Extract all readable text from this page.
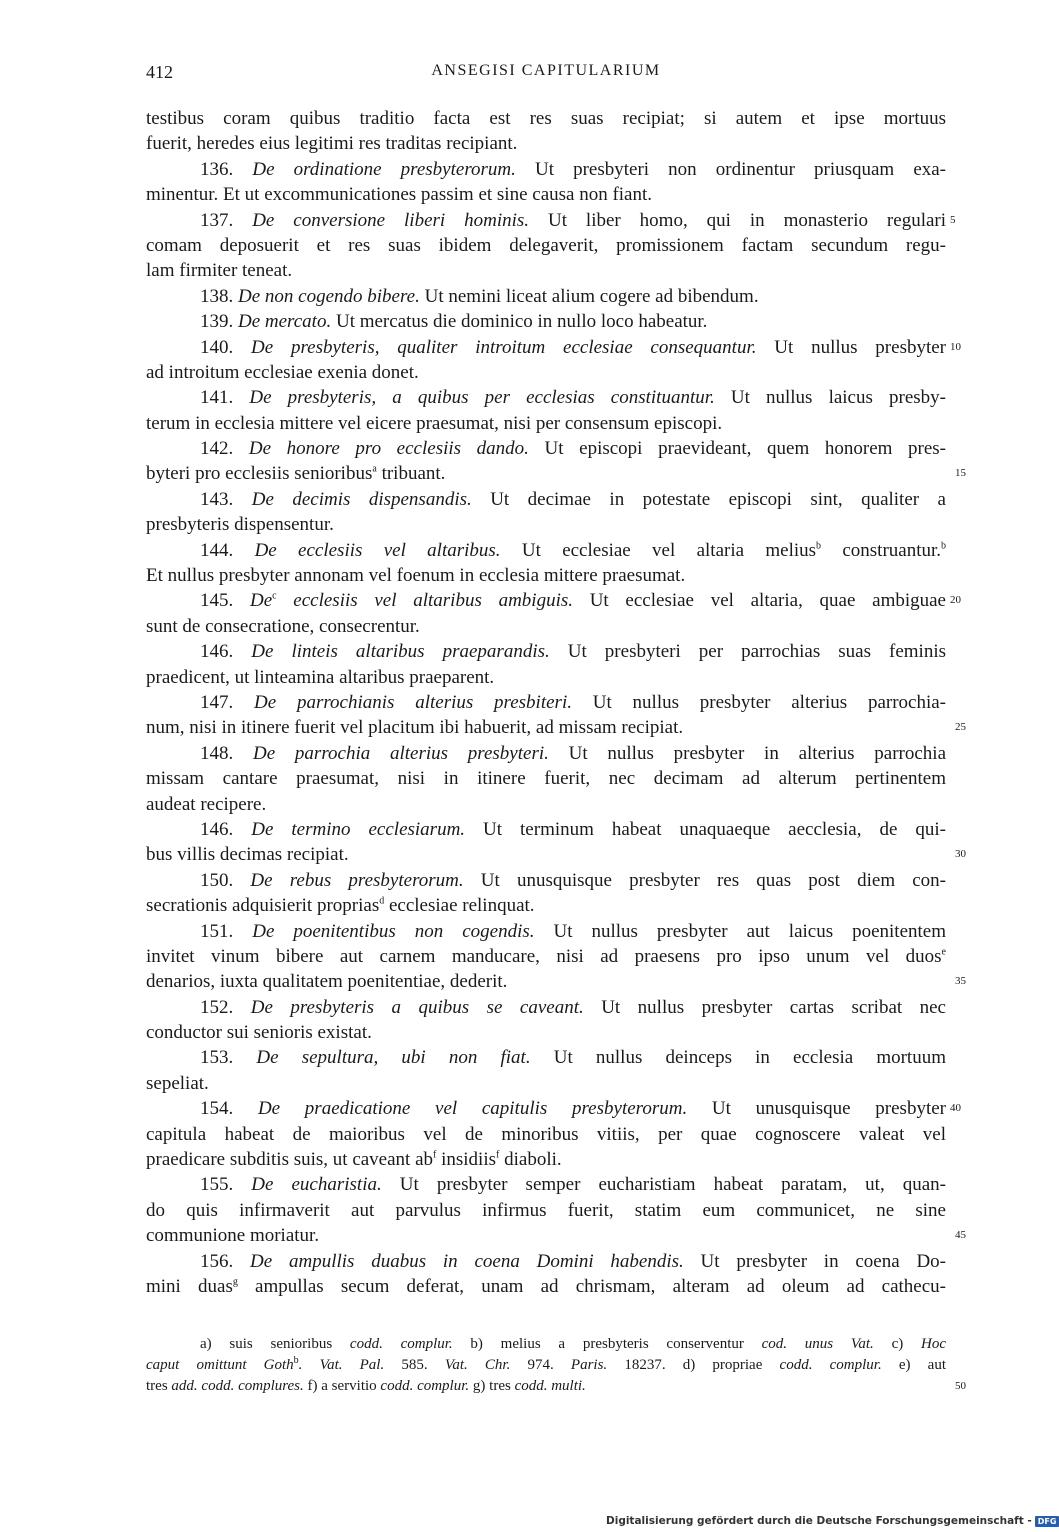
412	ANSEGISI CAPITULARIUM
testibus coram quibus traditio facta est res suas recipiat; si autem et ipse mortuus
fuerit, heredes eius legitimi res traditas recipiant.
136. De ordinatione presbyterorum. Ut presbyteri non ordinentur priusquam exa-
minentur. Et ut excommunicationes passim et sine causa non fiant.
137. De conversione liberi hominis. Ut liber homo, qui in monasterio regulari 5
comam deposuerit et res suas ibidem delegaverit, promissionem factam secundum regu-
lam firmiter teneat.
138. De non cogendo bibere. Ut nemini liceat alium cogere ad bibendum.
139. De mercato. Ut mercatus die dominico in nullo loco habeatur.
140. De presbyteris, qualiter introitum ecclesiae consequantur. Ut nullus presbyter 10
ad introitum ecclesiae exenia donet.
141. De presbyteris, a quibus per ecclesias constituantur. Ut nullus laicus presby-
terum in ecclesia mittere vel eicere praesumat, nisi per consensum episcopi.
142. De honore pro ecclesiis dando. Ut episcopi praevideant, quem honorem pres-
byteri pro ecclesiis senioribus$^a$ tribuant.	15
143. De decimis dispensandis. Ut decimae in potestate episcopi sint, qualiter a
presbyteris dispensentur.
144. De ecclesiis vel altaribus. Ut ecclesiae vel altaria melius$^b$ construantur.$^b$
Et nullus presbyter annonam vel foenum in ecclesia mittere praesumat.
145. De$^c$ ecclesiis vel altaribus ambiguis. Ut ecclesiae vel altaria, quae ambiguae 20
sunt de consecratione, consecrentur.
146. De linteis altaribus praeparandis. Ut presbyteri per parrochias suas feminis
praedicent, ut linteamina altaribus praeparent.
147. De parrochianis alterius presbiteri. Ut nullus presbyter alterius parrochia-
num, nisi in itinere fuerit vel placitum ibi habuerit, ad missam recipiat.	25
148. De parrochia alterius presbyteri. Ut nullus presbyter in alterius parrochia
missam cantare praesumat, nisi in itinere fuerit, nec decimam ad alterum pertinentem
audeat recipere.
146. De termino ecclesiarum. Ut terminum habeat unaquaeque aecclesia, de qui-
bus villis decimas recipiat.	30
150. De rebus presbyterorum. Ut unusquisque presbyter res quas post diem con-
secrationis adquisierit proprias$^d$ ecclesiae relinquat.
151. De poenitentibus non cogendis. Ut nullus presbyter aut laicus poenitentem
invitet vinum bibere aut carnem manducare, nisi ad praesens pro ipso unum vel duos$^e$
denarios, iuxta qualitatem poenitentiae, dederit.	35
152. De presbyteris a quibus se caveant. Ut nullus presbyter cartas scribat nec
conductor sui senioris existat.
153. De sepultura, ubi non fiat. Ut nullus deinceps in ecclesia mortuum
sepeliat.
154. De praedicatione vel capitulis presbyterorum. Ut unusquisque presbyter 40
capitula habeat de maioribus vel de minoribus vitiis, per quae cognoscere valeat vel
praedicare subditis suis, ut caveant $ab^f$ insidiis$^f$ diaboli.
155. De eucharistia. Ut presbyter semper eucharistiam habeat paratam, ut, quan-
do quis infirmaverit aut parvulus infirmus fuerit, statim eum communicet, ne sine
communione moriatur.	45
156. De ampullis duabus in coena Domini habendis. Ut presbyter in coena Do-
mini duas$^g$ ampullas secum deferat, unam ad chrismam, alteram ad oleum ad cathecu-
a) suis senioribus codd. complur. b) melius a presbyteris conserventur cod. unus Vat. c) Hoc
caput omittunt Goth$^b$. Vat. Pal. 585. Vat. Chr. 974. Paris. 18237. d) propriae codd. complur. e) aut
tres add. codd. complures. f) a servitio codd. complur. g) tres codd. multi.	50
Digitalisierung gefördert durch die Deutsche Forschungsgemeinschaft - DFG
